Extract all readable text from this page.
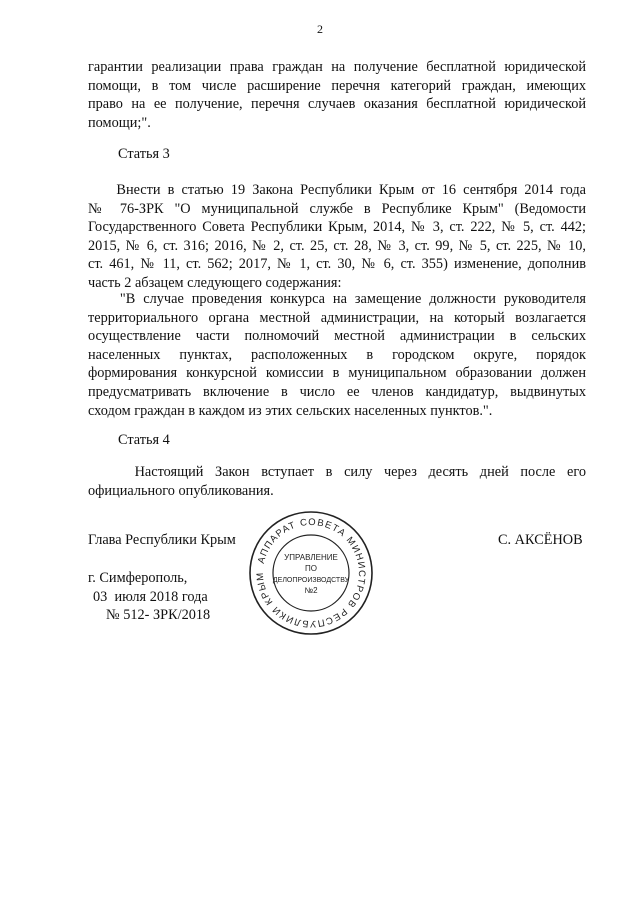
2
гарантии реализации права граждан на получение бесплатной юридической
помощи, в том числе расширение перечня категорий граждан, имеющих
право на ее получение, перечня случаев оказания бесплатной юридической
помощи;".
Статья 3
Внести в статью 19 Закона Республики Крым от 16 сентября 2014 года
№ 76-ЗРК "О муниципальной службе в Республике Крым" (Ведомости
Государственного Совета Республики Крым, 2014, № 3, ст. 222, № 5, ст. 442;
2015, № 6, ст. 316; 2016, № 2, ст. 25, ст. 28, № 3, ст. 99, № 5, ст. 225, № 10,
ст. 461, № 11, ст. 562; 2017, № 1, ст. 30, № 6, ст. 355) изменение, дополнив
часть 2 абзацем следующего содержания:
"В случае проведения конкурса на замещение должности руководителя
территориального органа местной администрации, на который возлагается
осуществление части полномочий местной администрации в сельских
населенных пунктах, расположенных в городском округе, порядок
формирования конкурсной комиссии в муниципальном образовании должен
предусматривать включение в число ее членов кандидатур, выдвинутых
сходом граждан в каждом из этих сельских населенных пунктов.".
Статья 4
Настоящий Закон вступает в силу через десять дней после его
официального опубликования.
Глава Республики Крым	С. АКСЁНОВ
г. Симферополь,
03  июля 2018 года
№ 512- ЗРК/2018
АППАРАТ СОВЕТА МИНИСТРОВ РЕСПУБЛИКИ КРЫМ
УПРАВЛЕНИЕ
ПО
ДЕЛОПРОИЗВОДСТВУ
№2
